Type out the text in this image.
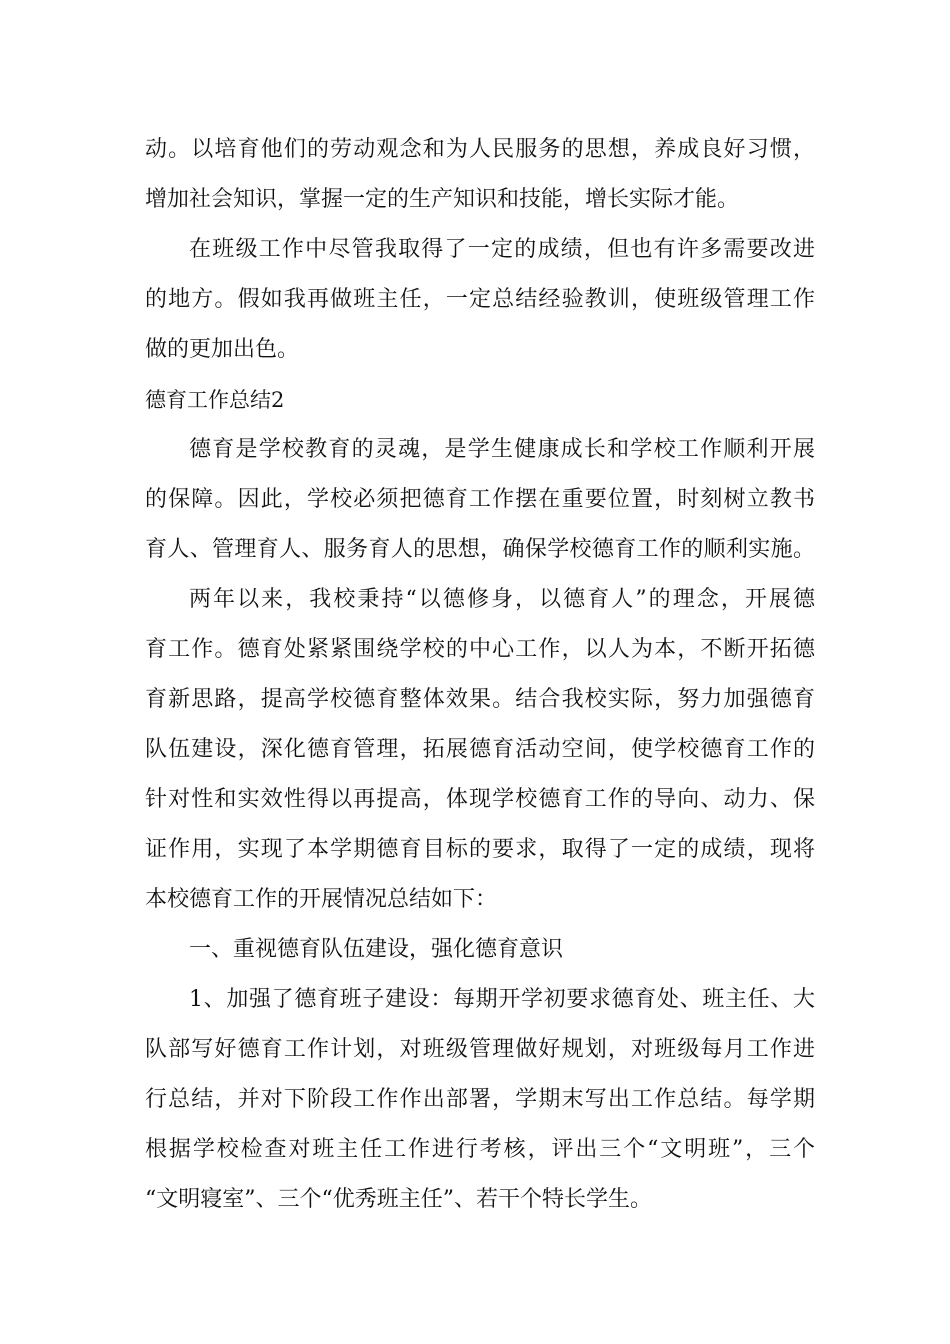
动。以培育他们的劳动观念和为人民服务的思想，养成良好习惯，
增加社会知识，掌握一定的生产知识和技能，增长实际才能。
在班级工作中尽管我取得了一定的成绩，但也有许多需要改进
的地方。假如我再做班主任，一定总结经验教训，使班级管理工作
做的更加出色。
德育工作总结2
德育是学校教育的灵魂，是学生健康成长和学校工作顺利开展
的保障。因此，学校必须把德育工作摆在重要位置，时刻树立教书
育人、管理育人、服务育人的思想，确保学校德育工作的顺利实施。
两年以来，我校秉持“以德修身，以德育人”的理念，开展德
育工作。德育处紧紧围绕学校的中心工作，以人为本，不断开拓德
育新思路，提高学校德育整体效果。结合我校实际，努力加强德育
队伍建设，深化德育管理，拓展德育活动空间，使学校德育工作的
针对性和实效性得以再提高，体现学校德育工作的导向、动力、保
证作用，实现了本学期德育目标的要求，取得了一定的成绩，现将
本校德育工作的开展情况总结如下：
一、重视德育队伍建设，强化德育意识
1、加强了德育班子建设：每期开学初要求德育处、班主任、大
队部写好德育工作计划，对班级管理做好规划，对班级每月工作进
行总结，并对下阶段工作作出部署，学期末写出工作总结。每学期
根据学校检查对班主任工作进行考核，评出三个“文明班”，三个
“文明寝室”、三个“优秀班主任”、若干个特长学生。
